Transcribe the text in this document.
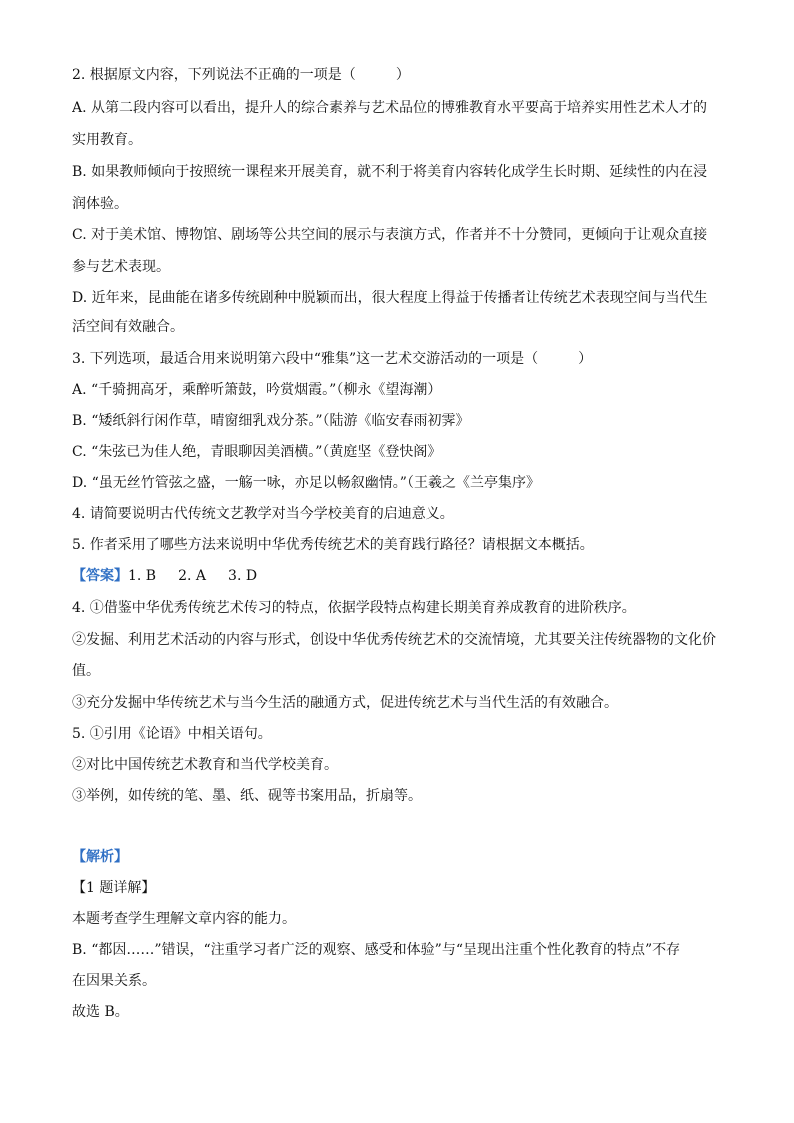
2. 根据原文内容，下列说法不正确的一项是（	）
A. 从第二段内容可以看出，提升人的综合素养与艺术品位的博雅教育水平要高于培养实用性艺术人才的
实用教育。
B. 如果教师倾向于按照统一课程来开展美育，就不利于将美育内容转化成学生长时期、延续性的内在浸
润体验。
C. 对于美术馆、博物馆、剧场等公共空间的展示与表演方式，作者并不十分赞同，更倾向于让观众直接
参与艺术表现。
D. 近年来，昆曲能在诸多传统剧种中脱颖而出，很大程度上得益于传播者让传统艺术表现空间与当代生
活空间有效融合。
3. 下列选项，最适合用来说明第六段中“雅集”这一艺术交游活动的一项是（	）
A. “千骑拥高牙，乘醉听箫鼓，吟赏烟霞。”（柳永《望海潮）
B. “矮纸斜行闲作草，晴窗细乳戏分茶。”（陆游《临安春雨初霁》
C. “朱弦已为佳人绝，青眼聊因美酒横。”（黄庭坚《登快阁》
D. “虽无丝竹管弦之盛，一觞一咏，亦足以畅叙幽情。”（王羲之《兰亭集序》
4. 请简要说明古代传统文艺教学对当今学校美育的启迪意义。
5. 作者采用了哪些方法来说明中华优秀传统艺术的美育践行路径？请根据文本概括。
【答案】1. B 2. A 3. D
4. ①借鉴中华优秀传统艺术传习的特点，依据学段特点构建长期美育养成教育的进阶秩序。
②发掘、利用艺术活动的内容与形式，创设中华优秀传统艺术的交流情境，尤其要关注传统器物的文化价
值。
③充分发掘中华传统艺术与当今生活的融通方式，促进传统艺术与当代生活的有效融合。
5. ①引用《论语》中相关语句。
②对比中国传统艺术教育和当代学校美育。
③举例，如传统的笔、墨、纸、砚等书案用品，折扇等。
【解析】
【1 题详解】
本题考查学生理解文章内容的能力。
B. “都因……”错误，“注重学习者广泛的观察、感受和体验”与“呈现出注重个性化教育的特点”不存
在因果关系。
故选 B。
